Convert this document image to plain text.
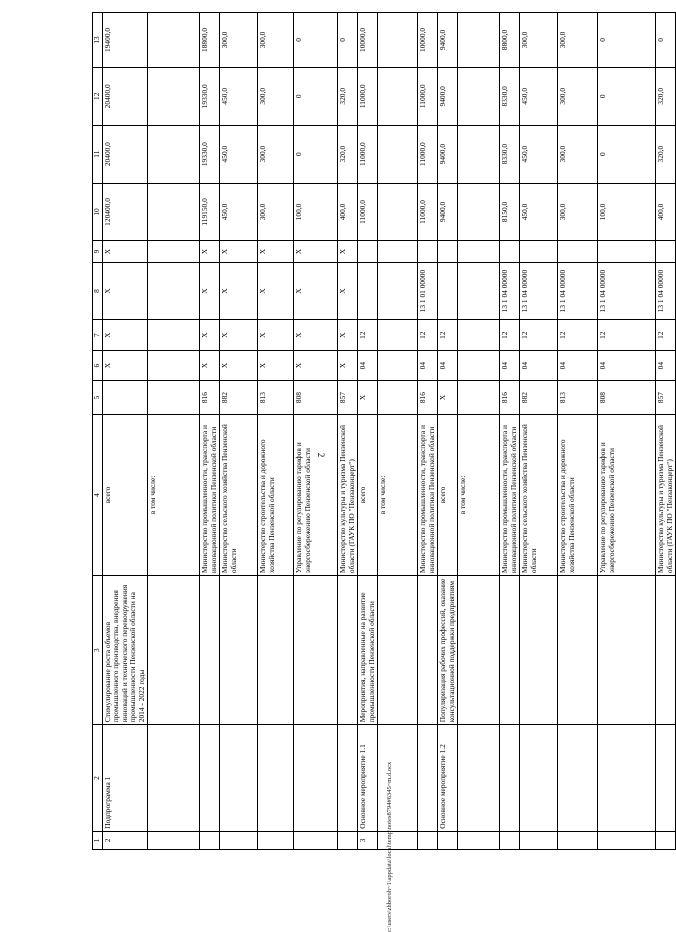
2
c:\users\zhboroh~1\appdata\local\temp\notes8794#6345~m.d.ocx
1	2	3	4	5	6	7	8	9	10	11	12	13
2	Подпрограмма 1	Стимулирование роста объемов промышленного производства, внедрения инноваций и технического перевооружения промышленности Пензенской области на 2014 - 2022 годы	всего		X	X	X	X	120400,0	20400,0	20400,0	19400,0
			в том числе:									
			Министерство промышленности, транспорта и инновационной политики Пензенской области	816	X	X	X	X	119150,0	19330,0	19330,0	18800,0
			Министерство сельского хозяйства Пензенской области	882	X	X	X	X	450,0	450,0	450,0	300,0
			Министерство строительства и дорожного хозяйства Пензенской области	813	X	X	X	X	300,0	300,0	300,0	300,0
			Управление по регулированию тарифов и энергосбережению Пензенской области	808	X	X	X	X	100,0	0	0	0
			Министерство культуры и туризма Пензенской области (ГАУК ПО "Пензаконцерт")	857	X	X	X	X	400,0	320,0	320,0	0
3	Основное мероприятие 1.1	Мероприятия, направленные на развитие промышленности Пензенской области	всего	X	04	12			11000,0	11000,0	11000,0	10000,0
			в том числе:									
			Министерство промышленности, транспорта и инновационной политики Пензенской области	816	04	12	13 1 01 00000		11000,0	11000,0	11000,0	10000,0
	Основное мероприятие 1.2	Популяризация рабочих профессий, оказание консультационной поддержки предприятиям	всего	X	04	12			9400,0	9400,0	9400,0	9400,0
			в том числе:									
			Министерство промышленности, транспорта и инновационной политики Пензенской области	816	04	12	13 1 04 00000		8150,0	8330,0	8330,0	8800,0
			Министерство сельского хозяйства Пензенской области	882	04	12	13 1 04 00000		450,0	450,0	450,0	300,0
			Министерство строительства и дорожного хозяйства Пензенской области	813	04	12	13 1 04 00000		300,0	300,0	300,0	300,0
			Управление по регулированию тарифов и энергосбережению Пензенской области	808	04	12	13 1 04 00000		100,0	0	0	0
			Министерство культуры и туризма Пензенской области (ГАУК ПО "Пензаконцерт")	857	04	12	13 1 04 00000		400,0	320,0	320,0	0
